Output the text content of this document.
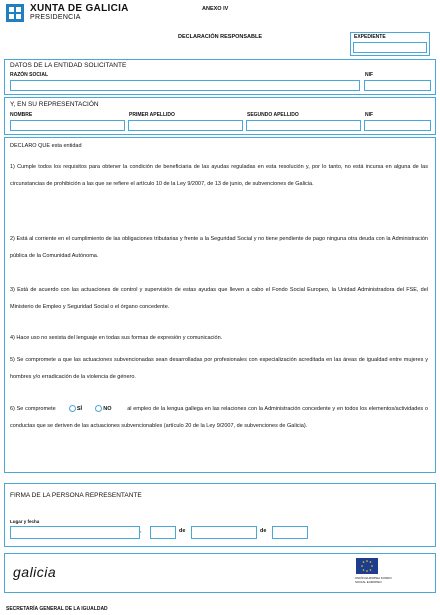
XUNTA DE GALICIA
PRESIDENCIA
ANEXO IV
DECLARACIÓN RESPONSABLE	EXPEDIENTE
DATOS DE LA ENTIDAD SOLICITANTE
RAZÓN SOCIAL	NIF
Y, EN SU REPRESENTACIÓN
NOMBRE	PRIMER APELLIDO	SEGUNDO APELLIDO	NIF
DECLARO QUE esta entidad
1) Cumple todos los requisitos para obtener la condición de beneficiaria de las ayudas reguladas en esta resolución y, por lo tanto, no está incursa en alguna de las circunstancias de prohibición a las que se refiere el artículo 10 de la Ley 9/2007, de 13 de junio, de subvenciones de Galicia.
2) Está al corriente en el cumplimiento de las obligaciones tributarias y frente a la Seguridad Social y no tiene pendiente de pago ninguna otra deuda con la Administración pública de la Comunidad Autónoma.
3) Está de acuerdo con las actuaciones de control y supervisión de estas ayudas que lleven a cabo el Fondo Social Europeo, la Unidad Administradora del FSE, del Ministerio de Empleo y Seguridad Social o el órgano concedente.
4) Hace uso no sexista del lenguaje en todas sus formas de expresión y comunicación.
5) Se compromete a que las actuaciones subvencionadas sean desarrolladas por profesionales con especialización acreditada en las áreas de igualdad entre mujeres y hombres y/o erradicación de la violencia de género.
6) Se compromete	SÍ	NO	al empleo de la lengua gallega en las relaciones con la Administración concedente y en todos los elementos/actividades o conductas que se deriven de las actuaciones subvencionables (artículo 20 de la Ley 9/2007, de subvenciones de Galicia).
FIRMA DE LA PERSONA REPRESENTANTE
Lugar y fecha
,	de	de
galicia	UNIÓN EUROPEA FONDO SOCIAL EUROPEO
SECRETARÍA GENERAL DE LA IGUALDAD
